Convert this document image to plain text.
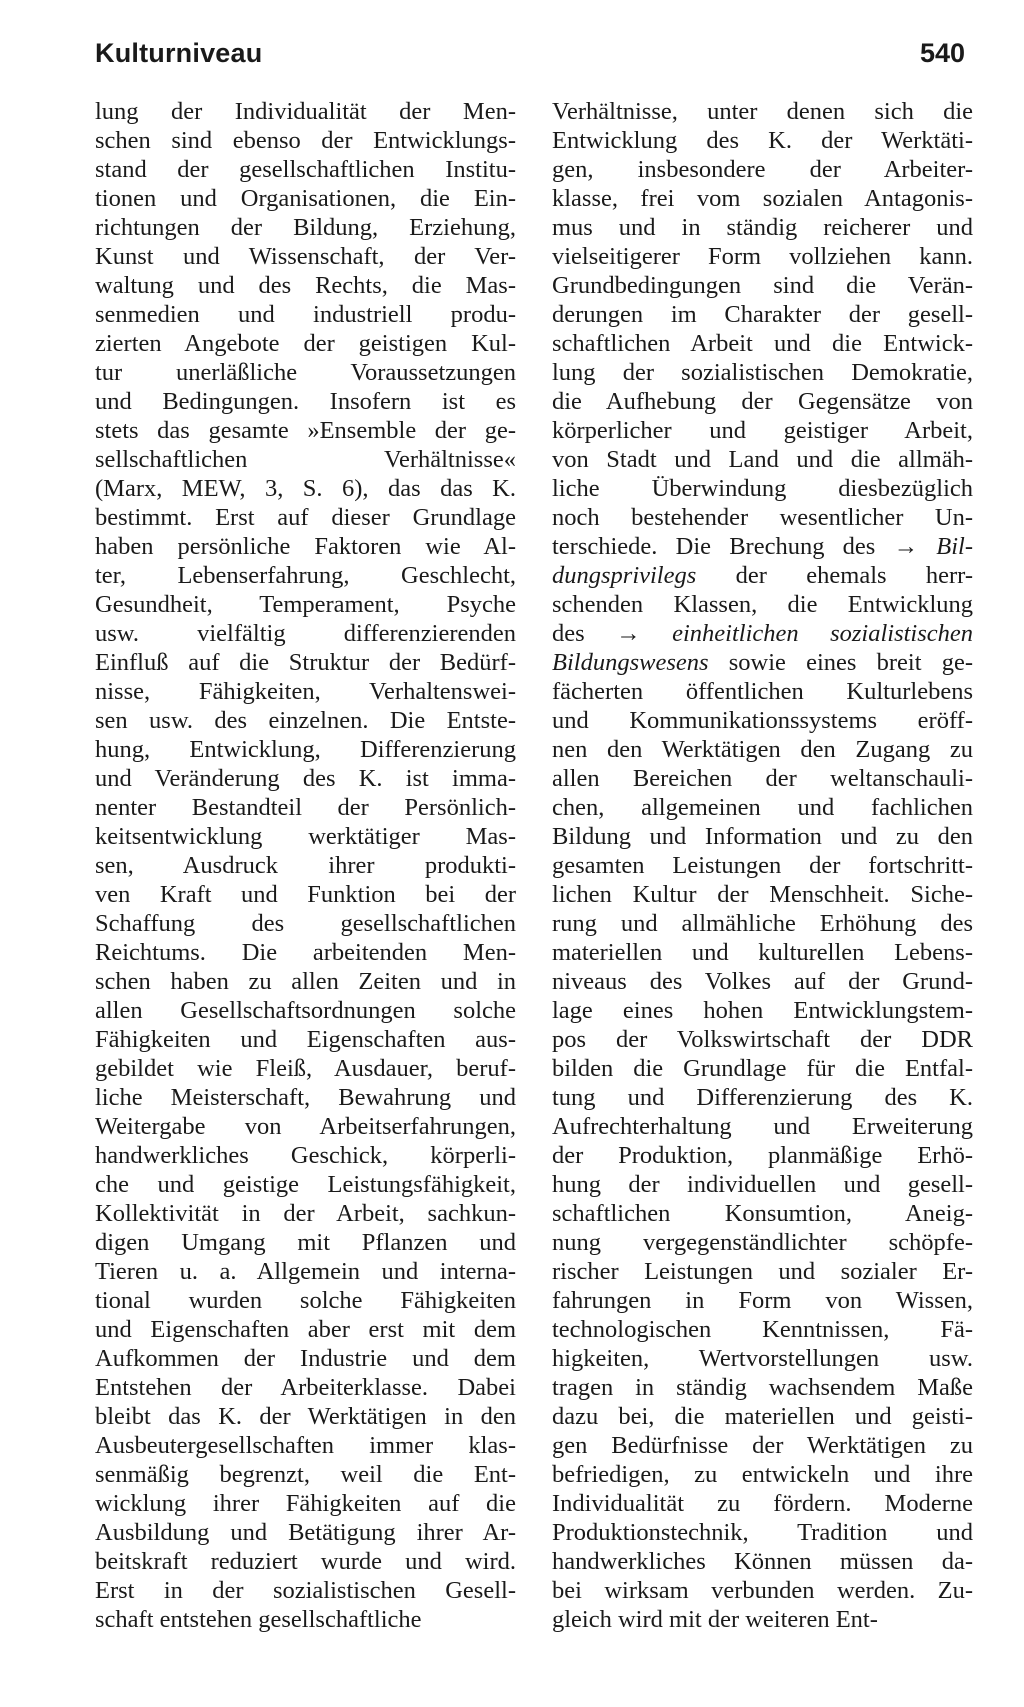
Kulturniveau	540
lung der Individualität der Men-
schen sind ebenso der Entwicklungs-
stand der gesellschaftlichen Institu-
tionen und Organisationen, die Ein-
richtungen der Bildung, Erziehung,
Kunst und Wissenschaft, der Ver-
waltung und des Rechts, die Mas-
senmedien und industriell produ-
zierten Angebote der geistigen Kul-
tur unerläßliche Voraussetzungen
und Bedingungen. Insofern ist es
stets das gesamte »Ensemble der ge-
sellschaftlichen Verhältnisse«
(Marx, MEW, 3, S. 6), das das K.
bestimmt. Erst auf dieser Grundlage
haben persönliche Faktoren wie Al-
ter, Lebenserfahrung, Geschlecht,
Gesundheit, Temperament, Psyche
usw. vielfältig differenzierenden
Einfluß auf die Struktur der Bedürf-
nisse, Fähigkeiten, Verhaltenswei-
sen usw. des einzelnen. Die Entste-
hung, Entwicklung, Differenzierung
und Veränderung des K. ist imma-
nenter Bestandteil der Persönlich-
keitsentwicklung werktätiger Mas-
sen, Ausdruck ihrer produkti-
ven Kraft und Funktion bei der
Schaffung des gesellschaftlichen
Reichtums. Die arbeitenden Men-
schen haben zu allen Zeiten und in
allen Gesellschaftsordnungen solche
Fähigkeiten und Eigenschaften aus-
gebildet wie Fleiß, Ausdauer, beruf-
liche Meisterschaft, Bewahrung und
Weitergabe von Arbeitserfahrungen,
handwerkliches Geschick, körperli-
che und geistige Leistungsfähigkeit,
Kollektivität in der Arbeit, sachkun-
digen Umgang mit Pflanzen und
Tieren u. a. Allgemein und interna-
tional wurden solche Fähigkeiten
und Eigenschaften aber erst mit dem
Aufkommen der Industrie und dem
Entstehen der Arbeiterklasse. Dabei
bleibt das K. der Werktätigen in den
Ausbeutergesellschaften immer klas-
senmäßig begrenzt, weil die Ent-
wicklung ihrer Fähigkeiten auf die
Ausbildung und Betätigung ihrer Ar-
beitskraft reduziert wurde und wird.
Erst in der sozialistischen Gesell-
schaft entstehen gesellschaftliche
Verhältnisse, unter denen sich die
Entwicklung des K. der Werktäti-
gen, insbesondere der Arbeiter-
klasse, frei vom sozialen Antagonis-
mus und in ständig reicherer und
vielseitigerer Form vollziehen kann.
Grundbedingungen sind die Verän-
derungen im Charakter der gesell-
schaftlichen Arbeit und die Entwick-
lung der sozialistischen Demokratie,
die Aufhebung der Gegensätze von
körperlicher und geistiger Arbeit,
von Stadt und Land und die allmäh-
liche Überwindung diesbezüglich
noch bestehender wesentlicher Un-
terschiede. Die Brechung des → Bil-
dungsprivilegs der ehemals herr-
schenden Klassen, die Entwicklung
des → einheitlichen sozialistischen
Bildungswesens sowie eines breit ge-
fächerten öffentlichen Kulturlebens
und Kommunikationssystems eröff-
nen den Werktätigen den Zugang zu
allen Bereichen der weltanschauli-
chen, allgemeinen und fachlichen
Bildung und Information und zu den
gesamten Leistungen der fortschritt-
lichen Kultur der Menschheit. Siche-
rung und allmähliche Erhöhung des
materiellen und kulturellen Lebens-
niveaus des Volkes auf der Grund-
lage eines hohen Entwicklungstem-
pos der Volkswirtschaft der DDR
bilden die Grundlage für die Entfal-
tung und Differenzierung des K.
Aufrechterhaltung und Erweiterung
der Produktion, planmäßige Erhö-
hung der individuellen und gesell-
schaftlichen Konsumtion, Aneig-
nung vergegenständlichter schöpfe-
rischer Leistungen und sozialer Er-
fahrungen in Form von Wissen,
technologischen Kenntnissen, Fä-
higkeiten, Wertvorstellungen usw.
tragen in ständig wachsendem Maße
dazu bei, die materiellen und geisti-
gen Bedürfnisse der Werktätigen zu
befriedigen, zu entwickeln und ihre
Individualität zu fördern. Moderne
Produktionstechnik, Tradition und
handwerkliches Können müssen da-
bei wirksam verbunden werden. Zu-
gleich wird mit der weiteren Ent-
